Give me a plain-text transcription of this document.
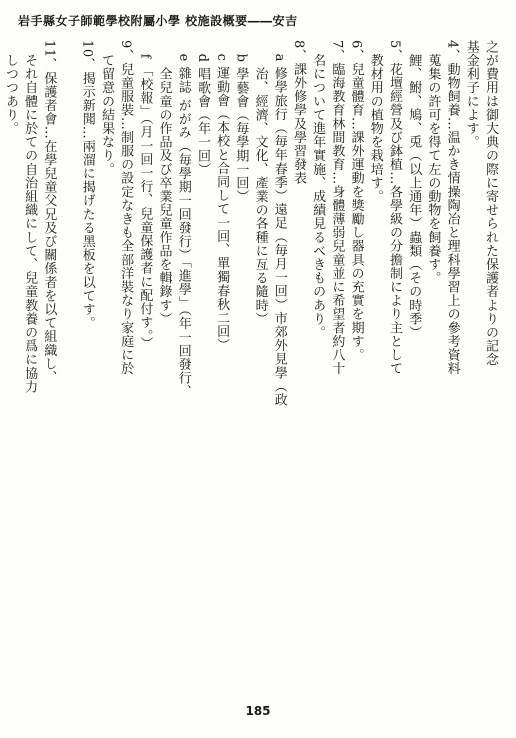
岩手縣女子師範學校附屬小學 校施設概要――安吉
之が費用は御大典の際に寄せられた保護者よりの記念
基金利子によす。
4、動物飼養…温かき情操陶冶と理科學習上の參考資料
　蒐集の許可を得て左の動物を飼養す。
　鯉、鮒、鳩、兎（以上通年）蟲類（その時季）
5、花壇經營及び鉢植…各學級の分擔制により主として
　教材用の植物を栽培す。
6、兒童體育…課外運動を獎勵し器具の充實を期す。
7、臨海教育林間教育…身體薄弱兒童並に希望者約八十
　名について進年實施、成績見るべきものあり。
8、課外修學及學習發表
　a 修學旅行（毎年春季）遠足（毎月一回）市郊外見學（政
　　治、經濟、文化、產業の各種に亙る隨時）
　b 學藝會（毎學期一回）
　c 運動會（本校と合同して一回、單獨春秋二回）
　d 唱歌會（年一回）
　e 雜誌 ががみ（毎學期一回發行）「進學」（年一回發行、
　　全兒童の作品及び卒業兒童作品を輯錄す）
　f 「校報」（月一回一行、兒童保護者に配付す。）
9、兒童服裝…制服の設定なきも全部洋裝なり家庭に於
　て留意の結果なり。
10、揭示新聞…兩溜に揭げたる黑板を以てす。
11、保護者會…在學兒童父兄及び關係者を以て組織し、
　それ自體に於ての自治組織にして、兒童教養の爲に協力
　しつつあり。
185
